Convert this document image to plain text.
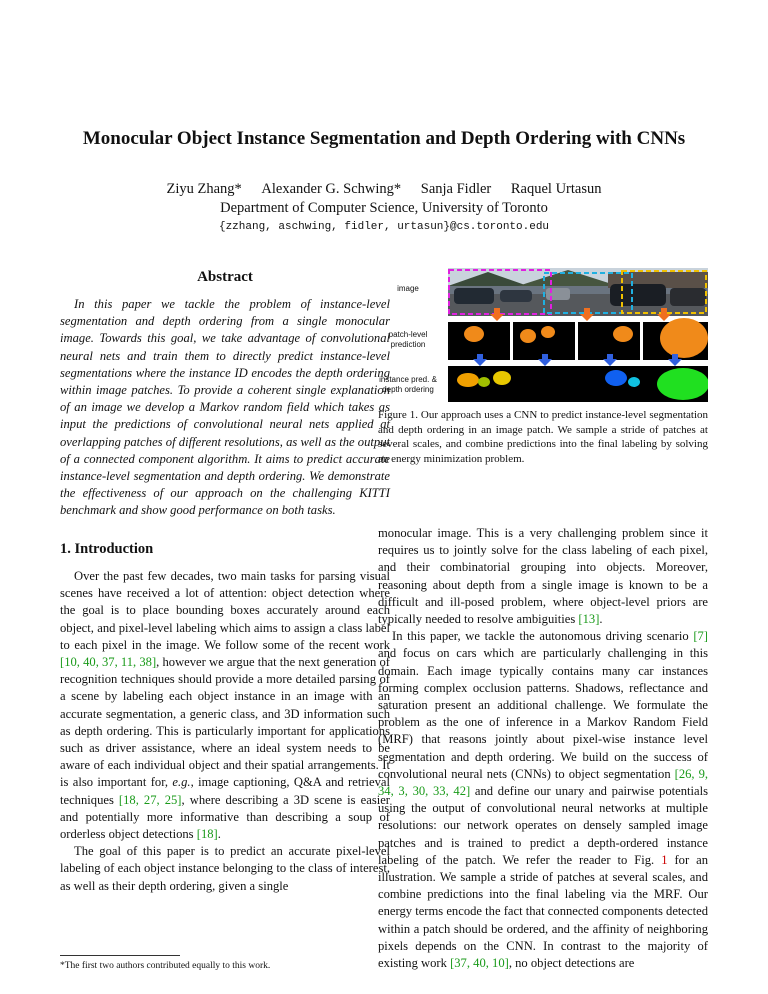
Monocular Object Instance Segmentation and Depth Ordering with CNNs
Ziyu Zhang* Alexander G. Schwing* Sanja Fidler Raquel Urtasun
Department of Computer Science, University of Toronto
{zzhang, aschwing, fidler, urtasun}@cs.toronto.edu
Abstract

In this paper we tackle the problem of instance-level segmentation and depth ordering from a single monocular image. Towards this goal, we take advantage of convolutional neural nets and train them to directly predict instance-level segmentations where the instance ID encodes the depth ordering within image patches. To provide a coherent single explanation of an image we develop a Markov random field which takes as input the predictions of convolutional neural nets applied at overlapping patches of different resolutions, as well as the output of a connected component algorithm. It aims to predict accurate instance-level segmentation and depth ordering. We demonstrate the effectiveness of our approach on the challenging KITTI benchmark and show good performance on both tasks.

1. Introduction

Over the past few decades, two main tasks for parsing visual scenes have received a lot of attention: object detection where the goal is to place bounding boxes accurately around each object, and pixel-level labeling which aims to assign a class label to each pixel in the image. We follow some of the recent work [10, 40, 37, 11, 38], however we argue that the next generation of recognition techniques should provide a more detailed parsing of a scene by labeling each object instance in an image with an accurate segmentation, a generic class, and 3D information such as depth ordering. This is particularly important for applications such as driver assistance, where an ideal system needs to be aware of each individual object and their spatial arrangements. It is also important for, e.g., image captioning, Q&A and retrieval techniques [18, 27, 25], where describing a 3D scene is easier and potentially more informative than describing a soup of orderless object detections [18].

The goal of this paper is to predict an accurate pixel-level labeling of each object instance belonging to the class of interest, as well as their depth ordering, given a single

*The first two authors contributed equally to this work.
image
patch-level prediction
instance pred. & depth ordering
Figure 1. Our approach uses a CNN to predict instance-level segmentation and depth ordering in an image patch. We sample a stride of patches at several scales, and combine predictions into the final labeling by solving an energy minimization problem.

monocular image. This is a very challenging problem since it requires us to jointly solve for the class labeling of each pixel, and their combinatorial grouping into objects. Moreover, reasoning about depth from a single image is known to be a difficult and ill-posed problem, where object-level priors are typically needed to resolve ambiguities [13].

In this paper, we tackle the autonomous driving scenario [7] and focus on cars which are particularly challenging in this domain. Each image typically contains many car instances forming complex occlusion patterns. Shadows, reflectance and saturation present an additional challenge. We formulate the problem as the one of inference in a Markov Random Field (MRF) that reasons jointly about pixel-wise instance level segmentation and depth ordering. We build on the success of convolutional neural nets (CNNs) to object segmentation [26, 9, 34, 3, 30, 33, 42] and define our unary and pairwise potentials using the output of convolutional neural networks at multiple resolutions: our network operates on densely sampled image patches and is trained to predict a depth-ordered instance labeling of the patch. We refer the reader to Fig. 1 for an illustration. We sample a stride of patches at several scales, and combine predictions into the final labeling via the MRF. Our energy terms encode the fact that connected components detected within a patch should be ordered, and the affinity of neighboring pixels depends on the CNN. In contrast to the majority of existing work [37, 40, 10], no object detections are
